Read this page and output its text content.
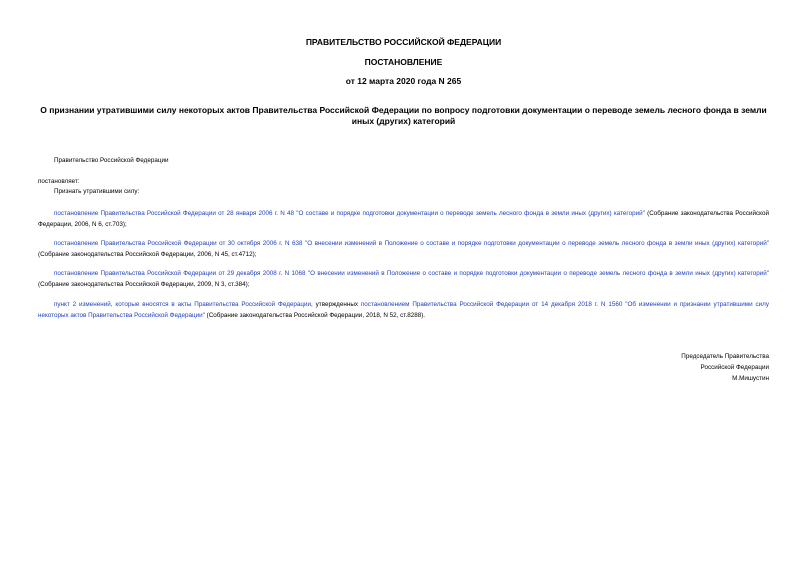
ПРАВИТЕЛЬСТВО РОССИЙСКОЙ ФЕДЕРАЦИИ
ПОСТАНОВЛЕНИЕ
от 12 марта 2020 года N 265
О признании утратившими силу некоторых актов Правительства Российской Федерации по вопросу подготовки документации о переводе земель лесного фонда в земли иных (других) категорий
Правительство Российской Федерации
постановляет:
Признать утратившими силу:
постановление Правительства Российской Федерации от 28 января 2006 г. N 48 "О составе и порядке подготовки документации о переводе земель лесного фонда в земли иных (других) категорий" (Собрание законодательства Российской Федерации, 2006, N 6, ст.703);
постановление Правительства Российской Федерации от 30 октября 2006 г. N 638 "О внесении изменений в Положение о составе и порядке подготовки документации о переводе земель лесного фонда в земли иных (других) категорий" (Собрание законодательства Российской Федерации, 2006, N 45, ст.4712);
постановление Правительства Российской Федерации от 29 декабря 2008 г. N 1068 "О внесении изменений в Положение о составе и порядке подготовки документации о переводе земель лесного фонда в земли иных (других) категорий" (Собрание законодательства Российской Федерации, 2009, N 3, ст.384);
пункт 2 изменений, которые вносятся в акты Правительства Российской Федерации, утвержденных постановлением Правительства Российской Федерации от 14 декабря 2018 г. N 1560 "Об изменении и признании утратившими силу некоторых актов Правительства Российской Федерации" (Собрание законодательства Российской Федерации, 2018, N 52, ст.8288).
Председатель Правительства
Российской Федерации
М.Мишустин
